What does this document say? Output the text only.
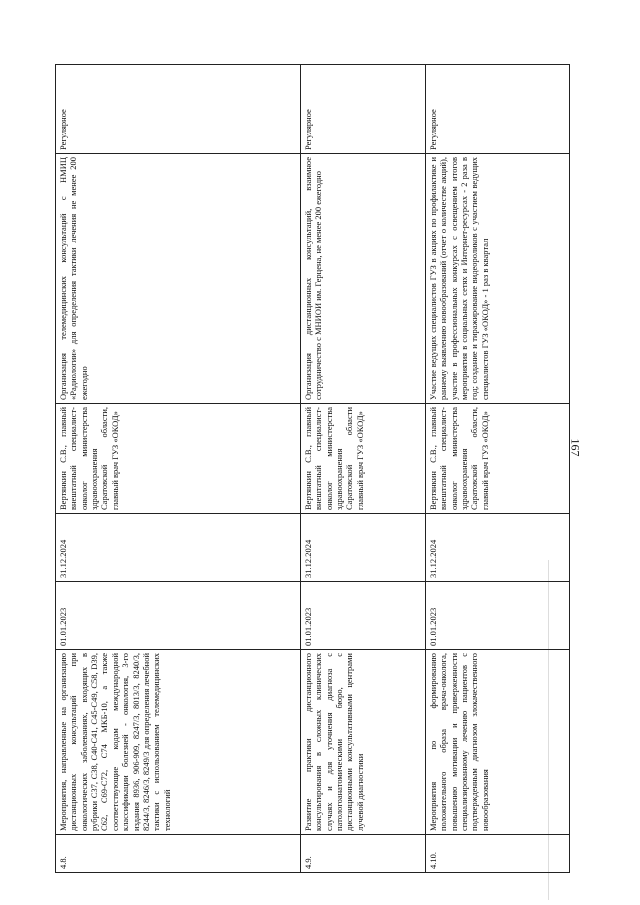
4.8.	Мероприятия, направленные на организацию дистанционных консультаций при онкологических заболеваниях, входящих в рубрики С37, С38, С40-С41, С45-С49, С58, D39, С62, С69-С72, С74 МКБ-10, а также соответствующие кодам международной классификации болезней - онкология, 3-го издания 8936, 906-909, 8247/3, 8013/3, 8240/3, 8244/3, 8246/3, 8249/3 для определения лечебной тактики с использованием телемедицинских технологий	01.01.2023	31.12.2024	Вертянкин С.В., главный внештатный специалист-онколог министерства здравоохранения Саратовской области, главный врач ГУЗ «ОКОД»	Организация телемедицинских консультаций с НМИЦ «Радиологии» для определения тактики лечения не менее 200 ежегодно	Регулярное
4.9.	Развитие практики дистанционного консультирования в сложных клинических случаях и для уточнения диагноза с патологоанатомическими бюро, с дистанционными консультативными центрами лучевой диагностики	01.01.2023	31.12.2024	Вертянкин С.В., главный внештатный специалист-онколог министерства здравоохранения Саратовской области главный врач ГУЗ «ОКОД»	Организация дистанционных консультаций, взаимное сотрудничество с МНИОИ им. Герцена, не менее 200 ежегодно	Регулярное
4.10.	Мероприятия по формированию положительного образа врача-онколога, повышению мотивации и приверженности специализированному лечению пациентов с подтвержденным диагнозом злокачественного новообразования	01.01.2023	31.12.2024	Вертянкин С.В., главный внештатный специалист-онколог министерства здравоохранения Саратовской области, главный врач ГУЗ «ОКОД»	Участие ведущих специалистов ГУЗ в акциях по профилактике и раннему выявлению новообразований (отчет о количестве акций), участие в профессиональных конкурсах с освещением итогов мероприятия в социальных сетях и Интернет-ресурсах - 2 раза в год; создание и тиражирование видеороликов с участием ведущих специалистов ГУЗ «ОКОД» - 1 раз в квартал	Регулярное
167
